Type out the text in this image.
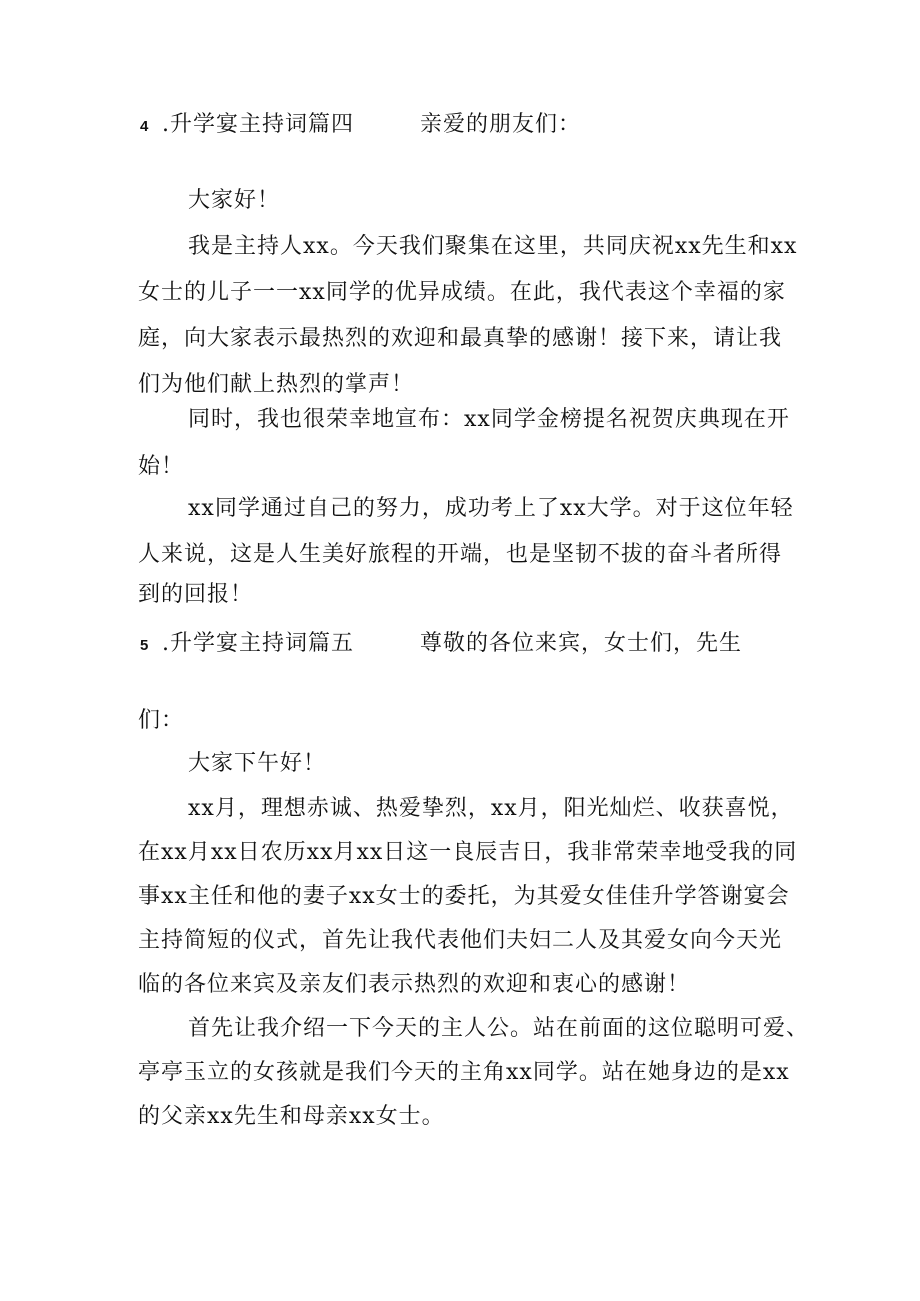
4 .升学宴主持词篇四	亲爱的朋友们：
大家好！
我是主持人xx。今天我们聚集在这里，共同庆祝xx先生和xx
女士的儿子一一xx同学的优异成绩。在此，我代表这个幸福的家
庭，向大家表示最热烈的欢迎和最真挚的感谢！接下来，请让我
们为他们献上热烈的掌声！
同时，我也很荣幸地宣布：xx同学金榜提名祝贺庆典现在开
始！
xx同学通过自己的努力，成功考上了xx大学。对于这位年轻
人来说，这是人生美好旅程的开端，也是坚韧不拔的奋斗者所得
到的回报！
5 .升学宴主持词篇五	尊敬的各位来宾，女士们，先生
们：
大家下午好！
xx月，理想赤诚、热爱挚烈，xx月，阳光灿烂、收获喜悦，
在xx月xx日农历xx月xx日这一良辰吉日，我非常荣幸地受我的同
事xx主任和他的妻子xx女士的委托，为其爱女佳佳升学答谢宴会
主持简短的仪式，首先让我代表他们夫妇二人及其爱女向今天光
临的各位来宾及亲友们表示热烈的欢迎和衷心的感谢！
首先让我介绍一下今天的主人公。站在前面的这位聪明可爱、
亭亭玉立的女孩就是我们今天的主角xx同学。站在她身边的是xx
的父亲xx先生和母亲xx女士。
